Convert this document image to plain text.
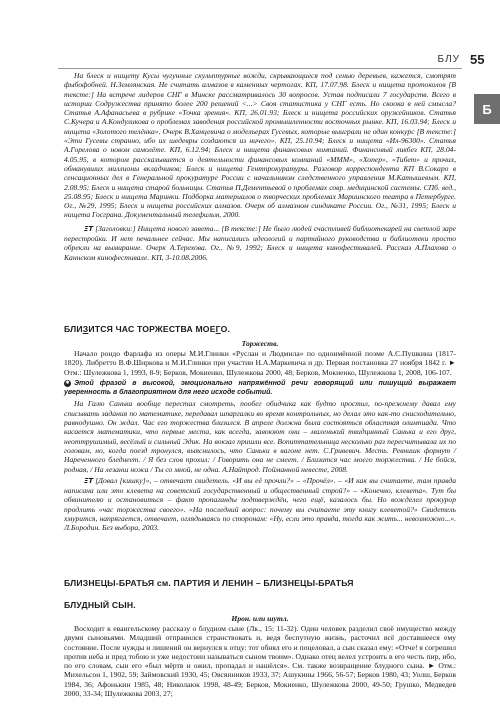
БЛУ 55
Б

На блеск и нищету Кусы чугунные скульптурные вожди, скрывающиеся под сенью деревьев, кажется, смотрят фыбофобней. Н.Землянская. Не считать алмазов в каменных чертогах. КП, 17.07.98. Блеск и нищета протоколов [В тексте:] На встрече лидеров СНГ в Минске рассматривалось 30 вопросов. Устав подписали 7 государств. Всего в истории Содружества принято более 200 решений <...> Своя статистика у СНГ есть. Но скоока в ней смысла? Статья А.Афанасьева в рубрике «Точка зрения». КП, 26.01.93; Блеск и нищета российских оружейников. Статья С.Кучера и А.Кондуликова о проблемах заводения российской промышленности восточных рынке. КП, 16.03.94; Блеск и нищета «Золотого телёнка». Очерк В.Ханцевича о модельерах Гусевых, которые выиграли не один конкурс [В тексте:] «Эти Гусевы странно, ибо их шедевры создаются из ничего». КП, 25.10.94; Блеск и нищета «Ил-96300». Статья А.Горелова о новом самолёте. КП, 6.12.94; Блеск и нищета финансовых компаний. Финансовый ликбез КП, 28.04-4.05.95, в котором рассказывается о деятельности финансовых компаний «МММ», «Хопер», «Тибет» и прочих, обманувших миллионы вкладчиков; Блеск и нищета Гентпрокуратуры. Разговор корреспондента КП В.Сокаро в сенсационных дел в Генеральной прокуратуре России с начальником следственного управления М.Катышевым. КП, 2.08.95; Блеск и нищета старой больницы. Статья П.Дементьевой о проблемах совр. медицинской системы. СПб. вед., 25.08.95; Блеск и нищета Маринки. Подборка материалов о творческих проблемах Мариинского театра в Петербурге. Ог., №29, 1995; Блеск и нищета российских алмазов. Очерк об алмазном синдикате России. Ог., №31, 1995; Блеск и нищета Госграна. Документальный телефильм, 2000.

ΞΤ [Заголовки:] Нищета нового завета... [В тексте:] Не было людей счастливей библиотекарей на светлой заре перестройки. И нет печальнее сейчас. Мы написались идеологий и партийного руководства и библиотеки просто обрекли на вымирание. Очерк А.Терехова. Ог., №9, 1992; Блеск и нищета кинофестивалей. Рассказ А.Плахова о Каннском кинофестивале. КП, 3-10.08.2006.

БЛИЗИТСЯ ЧАС ТОРЖЕСТВА МОЕГО.

Торжеств.

Начало рондо Фарлафа из оперы М.И.Глинки «Руслан и Людмила» по одноимённой поэме А.С.Пушкина (1817-1820). Либретто В.Ф.Ширкова и М.И.Глинки при участии Н.А.Маркевича и др. Первая постановка 27 ноября 1842 г. ► Отм.: Шулежкова 1, 1993, 8-9; Берков, Мокиенко, Шулежкова 2000, 48; Берков, Мокиенко, Шулежкова 1, 2008, 106-107.

✱ Этой фразой в высокой, эмоционально напряжённой речи говорящий или пишущий выражает уверенность в благоприятном для него исходе событий.

На Галю Санька вообще перестал смотреть, пообег обидчика как будто простил, по-прежнему давал ему списывать задания по математике, передавал шпаргалки во время контрольных, но делал это как-то снисходительно, равнодушно. Он ждал. Час его торжества близился. В апреле должна была состояться областная олимпиада. Что касается математики, что первые места, как всегда, завоюют они – маленький твидцинный Санька и его друг, неоттрушимый, весёлый и сильный Эдик. На вокзал пришли все. Вопиттательница несколько раз пересчитывала их по головам, но, когда поезд тронулся, выяснилось, что Саньки в вагоне нет. С.Гривевич. Месть. Ревнишк формут / Нареченного бледнеет. / Я без слов прохил: / Говорить она не смеет. / Близится час моего торжества. / Не бойся, родная, / На лезанш ножа / Ты со мной, не одна. А.Найтрод. Пойманной невесте, 2008.

ΞΤ [Довал [кишку]», – отвечает свидетель. «И вы её прочли?» – «Прочёл». – «И как вы считаете, там правда написана или это клевета на советский государственный и общественный строй?» – «Конечно, клевета». Тут бы обвинителю и остановиться – факт пропаганды подтверждён, чего ещё, казалось бы. Но вожделел прокурор продлить «час торжества своего». «На последний вопрос: почему вы считаете эту книгу клеветой?» Свидетель хмурится, напрягается, отвечает, оглядываясь по сторонам: «Ну, если это правда, тогда как жить... невозможно...». Л.Бородин. Без выбора, 2003.

БЛИЗНЕЦЫ-БРАТЬЯ см. ПАРТИЯ И ЛЕНИН – БЛИЗНЕЦЫ-БРАТЬЯ

БЛУДНЫЙ СЫН.

Ирон. или шутл.

Восходит к евангельскому рассказу о блудном сыне (Лк., 15: 11-32). Один человек разделил своё имущество между двумя сыновьями. Младший отправился странствовать и, ведя беспутную жизнь, расточил всё доставшееся ему состояние. После нужды и лишений он вернулся к отцу: тот обнял его и поцеловал, а сын сказал ему: «Отче! я согрешил против неба и пред тобою и уже недостоин называться сыном твоим». Однако отец велел устроить в его честь пир, ибо, по его словам, сын его «был мёртв и ожил, пропадал и нашёлся». См. также возвращение блудного сына. ► Отм.: Михельсон 1, 1902, 59; Займовский 1930, 45; Овсянников 1933, 37; Ашукины 1966, 56-57; Берков 1980, 43; Уолш, Берков 1984, 36; Афонькин 1985, 48; Николаюк 1998, 48-49; Берков, Мокиенко, Шулежкова 2000, 49-50; Грушко, Медведев 2000, 33-34; Шулежкова 2003, 27;
